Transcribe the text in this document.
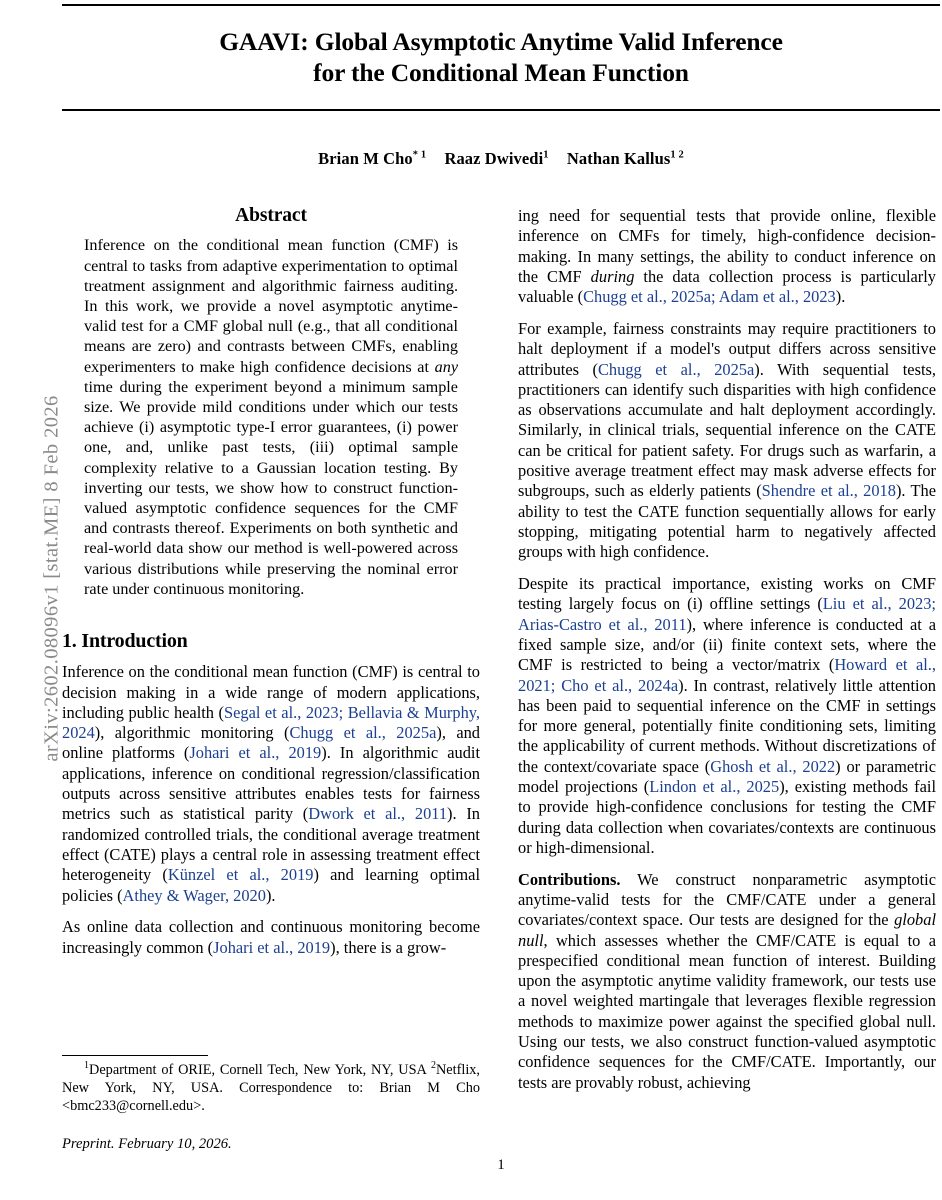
arXiv:2602.08096v1 [stat.ME] 8 Feb 2026
GAAVI: Global Asymptotic Anytime Valid Inference
for the Conditional Mean Function
Brian M Cho$^{* 1}$ Raaz Dwivedi$^1$ Nathan Kallus$^{1 2}$
Abstract

Inference on the conditional mean function (CMF) is central to tasks from adaptive experimentation to optimal treatment assignment and algorithmic fairness auditing. In this work, we provide a novel asymptotic anytime-valid test for a CMF global null (e.g., that all conditional means are zero) and contrasts between CMFs, enabling experimenters to make high confidence decisions at any time during the experiment beyond a minimum sample size. We provide mild conditions under which our tests achieve (i) asymptotic type-I error guarantees, (i) power one, and, unlike past tests, (iii) optimal sample complexity relative to a Gaussian location testing. By inverting our tests, we show how to construct function-valued asymptotic confidence sequences for the CMF and contrasts thereof. Experiments on both synthetic and real-world data show our method is well-powered across various distributions while preserving the nominal error rate under continuous monitoring.

1. Introduction

Inference on the conditional mean function (CMF) is central to decision making in a wide range of modern applications, including public health (Segal et al., 2023; Bellavia & Murphy, 2024), algorithmic monitoring (Chugg et al., 2025a), and online platforms (Johari et al., 2019). In algorithmic audit applications, inference on conditional regression/classification outputs across sensitive attributes enables tests for fairness metrics such as statistical parity (Dwork et al., 2011). In randomized controlled trials, the conditional average treatment effect (CATE) plays a central role in assessing treatment effect heterogeneity (Künzel et al., 2019) and learning optimal policies (Athey & Wager, 2020).

As online data collection and continuous monitoring become increasingly common (Johari et al., 2019), there is a grow-

ing need for sequential tests that provide online, flexible inference on CMFs for timely, high-confidence decision-making. In many settings, the ability to conduct inference on the CMF during the data collection process is particularly valuable (Chugg et al., 2025a; Adam et al., 2023).

For example, fairness constraints may require practitioners to halt deployment if a model's output differs across sensitive attributes (Chugg et al., 2025a). With sequential tests, practitioners can identify such disparities with high confidence as observations accumulate and halt deployment accordingly. Similarly, in clinical trials, sequential inference on the CATE can be critical for patient safety. For drugs such as warfarin, a positive average treatment effect may mask adverse effects for subgroups, such as elderly patients (Shendre et al., 2018). The ability to test the CATE function sequentially allows for early stopping, mitigating potential harm to negatively affected groups with high confidence.

Despite its practical importance, existing works on CMF testing largely focus on (i) offline settings (Liu et al., 2023; Arias-Castro et al., 2011), where inference is conducted at a fixed sample size, and/or (ii) finite context sets, where the CMF is restricted to being a vector/matrix (Howard et al., 2021; Cho et al., 2024a). In contrast, relatively little attention has been paid to sequential inference on the CMF in settings for more general, potentially finite conditioning sets, limiting the applicability of current methods. Without discretizations of the context/covariate space (Ghosh et al., 2022) or parametric model projections (Lindon et al., 2025), existing methods fail to provide high-confidence conclusions for testing the CMF during data collection when covariates/contexts are continuous or high-dimensional.

Contributions. We construct nonparametric asymptotic anytime-valid tests for the CMF/CATE under a general covariates/context space. Our tests are designed for the global null, which assesses whether the CMF/CATE is equal to a prespecified conditional mean function of interest. Building upon the asymptotic anytime validity framework, our tests use a novel weighted martingale that leverages flexible regression methods to maximize power against the specified global null. Using our tests, we also construct function-valued asymptotic confidence sequences for the CMF/CATE. Importantly, our tests are provably robust, achieving

$^1$Department of ORIE, Cornell Tech, New York, NY, USA $^2$Netflix, New York, NY, USA. Correspondence to: Brian M Cho <bmc233@cornell.edu>.

Preprint. February 10, 2026.

1
